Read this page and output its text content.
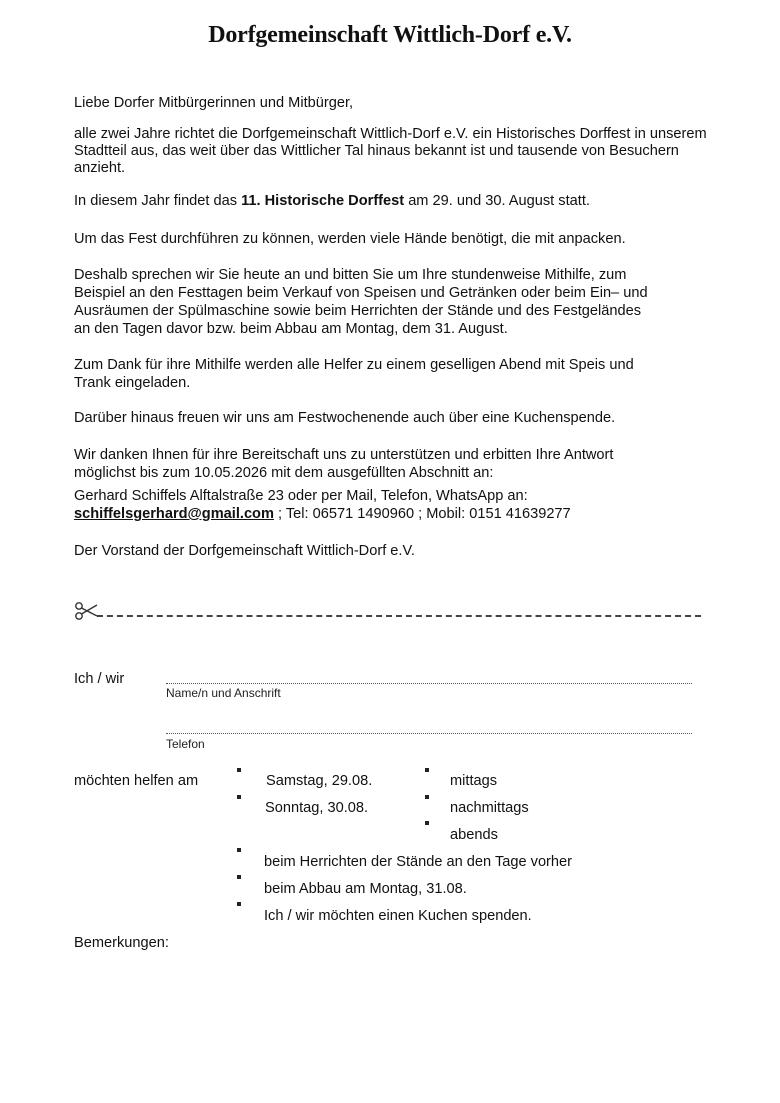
Dorfgemeinschaft Wittlich-Dorf e.V.
Liebe Dorfer Mitbürgerinnen und Mitbürger,
alle zwei Jahre richtet die Dorfgemeinschaft Wittlich-Dorf e.V. ein Historisches Dorffest in unserem
Stadtteil aus, das weit über das Wittlicher Tal hinaus bekannt ist und tausende von Besuchern
anzieht.
In diesem Jahr findet das 11. Historische Dorffest am 29. und 30. August statt.
Um das Fest durchführen zu können, werden viele Hände benötigt, die mit anpacken.
Deshalb sprechen wir Sie heute an und bitten Sie um Ihre stundenweise Mithilfe, zum
Beispiel an den Festtagen beim Verkauf von Speisen und Getränken oder beim Ein– und
Ausräumen der Spülmaschine sowie beim Herrichten der Stände und des Festgeländes
an den Tagen davor bzw. beim Abbau am Montag, dem 31. August.
Zum Dank für ihre Mithilfe werden alle Helfer zu einem geselligen Abend mit Speis und
Trank eingeladen.
Darüber hinaus freuen wir uns am Festwochenende auch über eine Kuchenspende.
Wir danken Ihnen für ihre Bereitschaft uns zu unterstützen und erbitten Ihre Antwort
möglichst bis zum 10.05.2026 mit dem ausgefüllten Abschnitt an:
Gerhard Schiffels Alftalstraße 23 oder per Mail, Telefon, WhatsApp an:
schiffelsgerhard@gmail.com ; Tel: 06571 1490960 ; Mobil: 0151 41639277
Der Vorstand der Dorfgemeinschaft Wittlich-Dorf e.V.
Ich / wir
Name/n und Anschrift
Telefon
möchten helfen am	Samstag, 29.08.
Sonntag, 30.08.
mittags
nachmittags
abends
beim Herrichten der Stände an den Tage vorher
beim Abbau am Montag, 31.08.
Ich / wir möchten einen Kuchen spenden.
Bemerkungen:
